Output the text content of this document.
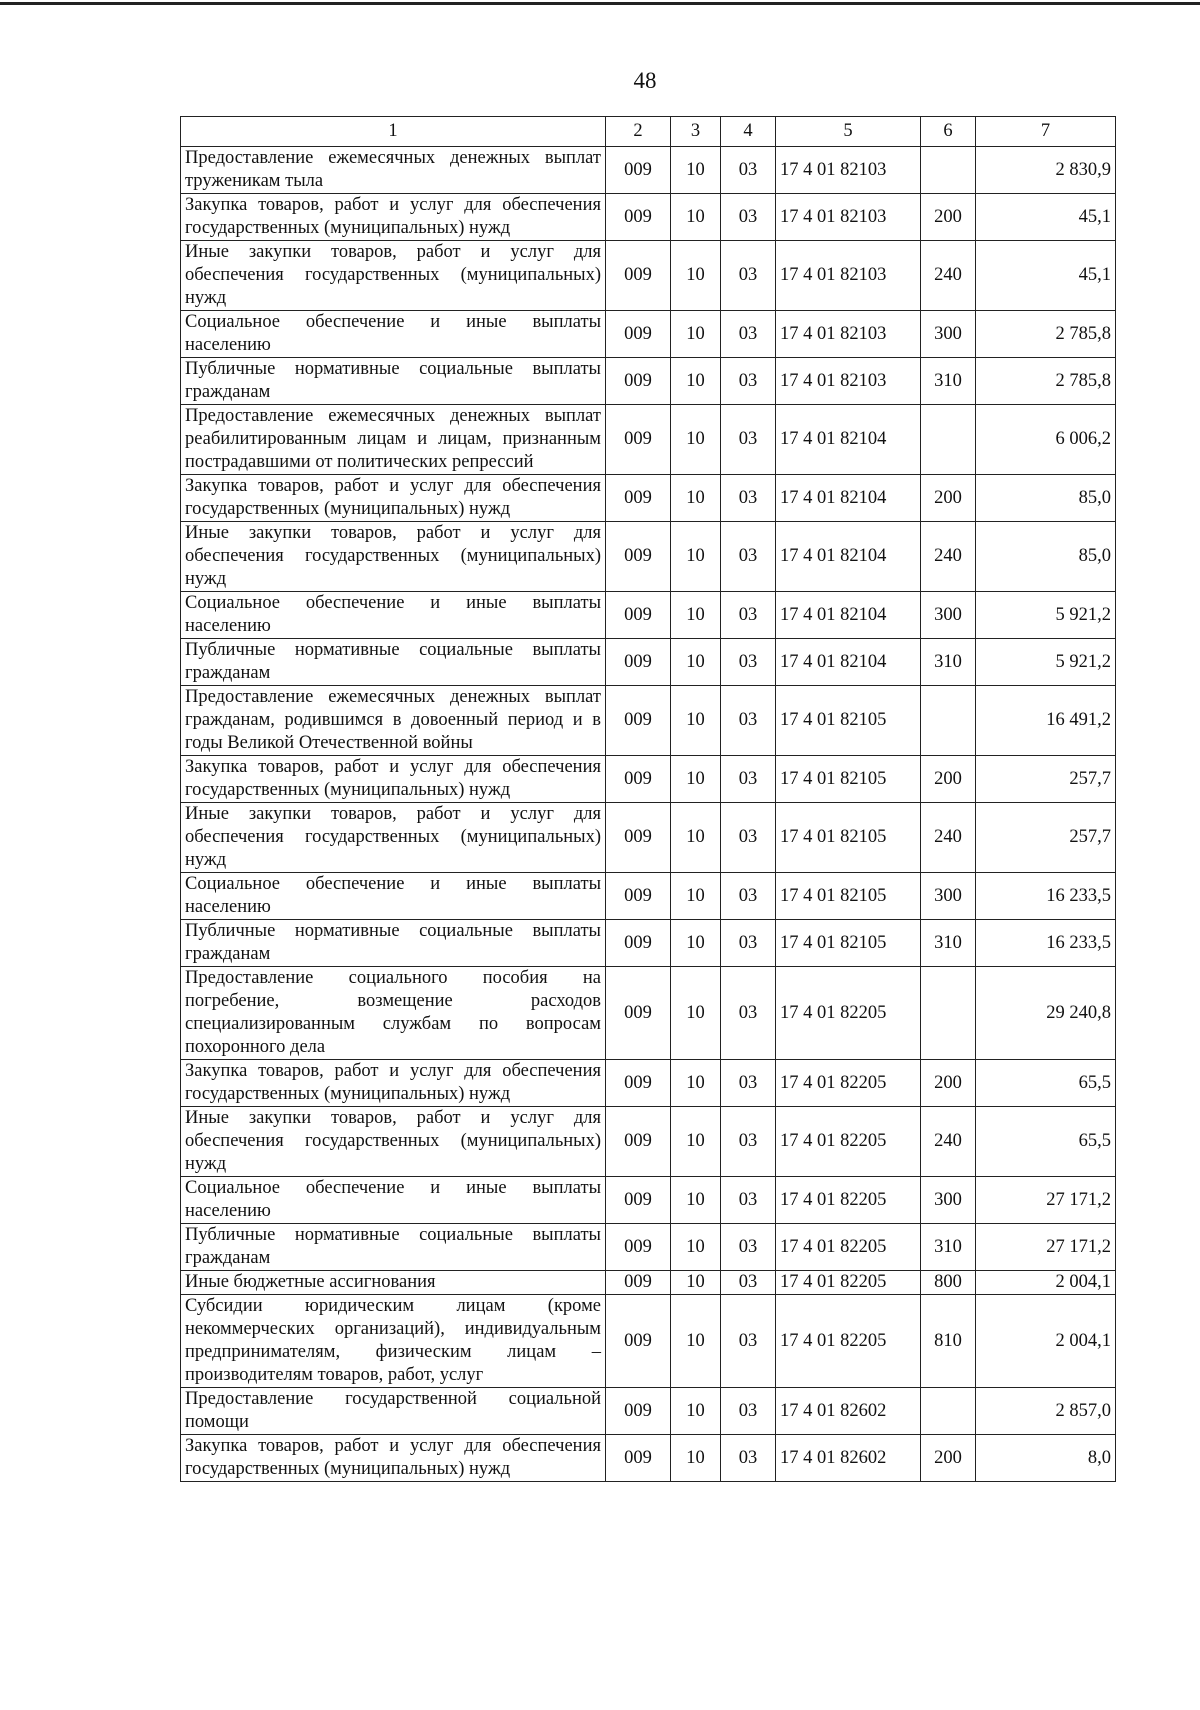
48
1	2	3	4	5	6	7
Предоставление ежемесячных денежных выплат труженикам тыла	009	10	03	17 4 01 82103		2 830,9
Закупка товаров, работ и услуг для обеспечения государственных (муниципальных) нужд	009	10	03	17 4 01 82103	200	45,1
Иные закупки товаров, работ и услуг для обеспечения государственных (муниципальных) нужд	009	10	03	17 4 01 82103	240	45,1
Социальное обеспечение и иные выплаты населению	009	10	03	17 4 01 82103	300	2 785,8
Публичные нормативные социальные выплаты гражданам	009	10	03	17 4 01 82103	310	2 785,8
Предоставление ежемесячных денежных выплат реабилитированным лицам и лицам, признанным пострадавшими от политических репрессий	009	10	03	17 4 01 82104		6 006,2
Закупка товаров, работ и услуг для обеспечения государственных (муниципальных) нужд	009	10	03	17 4 01 82104	200	85,0
Иные закупки товаров, работ и услуг для обеспечения государственных (муниципальных) нужд	009	10	03	17 4 01 82104	240	85,0
Социальное обеспечение и иные выплаты населению	009	10	03	17 4 01 82104	300	5 921,2
Публичные нормативные социальные выплаты гражданам	009	10	03	17 4 01 82104	310	5 921,2
Предоставление ежемесячных денежных выплат гражданам, родившимся в довоенный период и в годы Великой Отечественной войны	009	10	03	17 4 01 82105		16 491,2
Закупка товаров, работ и услуг для обеспечения государственных (муниципальных) нужд	009	10	03	17 4 01 82105	200	257,7
Иные закупки товаров, работ и услуг для обеспечения государственных (муниципальных) нужд	009	10	03	17 4 01 82105	240	257,7
Социальное обеспечение и иные выплаты населению	009	10	03	17 4 01 82105	300	16 233,5
Публичные нормативные социальные выплаты гражданам	009	10	03	17 4 01 82105	310	16 233,5
Предоставление социального пособия на погребение, возмещение расходов специализированным службам по вопросам похоронного дела	009	10	03	17 4 01 82205		29 240,8
Закупка товаров, работ и услуг для обеспечения государственных (муниципальных) нужд	009	10	03	17 4 01 82205	200	65,5
Иные закупки товаров, работ и услуг для обеспечения государственных (муниципальных) нужд	009	10	03	17 4 01 82205	240	65,5
Социальное обеспечение и иные выплаты населению	009	10	03	17 4 01 82205	300	27 171,2
Публичные нормативные социальные выплаты гражданам	009	10	03	17 4 01 82205	310	27 171,2
Иные бюджетные ассигнования	009	10	03	17 4 01 82205	800	2 004,1
Субсидии юридическим лицам (кроме некоммерческих организаций), индивидуальным предпринимателям, физическим лицам – производителям товаров, работ, услуг	009	10	03	17 4 01 82205	810	2 004,1
Предоставление государственной социальной помощи	009	10	03	17 4 01 82602		2 857,0
Закупка товаров, работ и услуг для обеспечения государственных (муниципальных) нужд	009	10	03	17 4 01 82602	200	8,0
